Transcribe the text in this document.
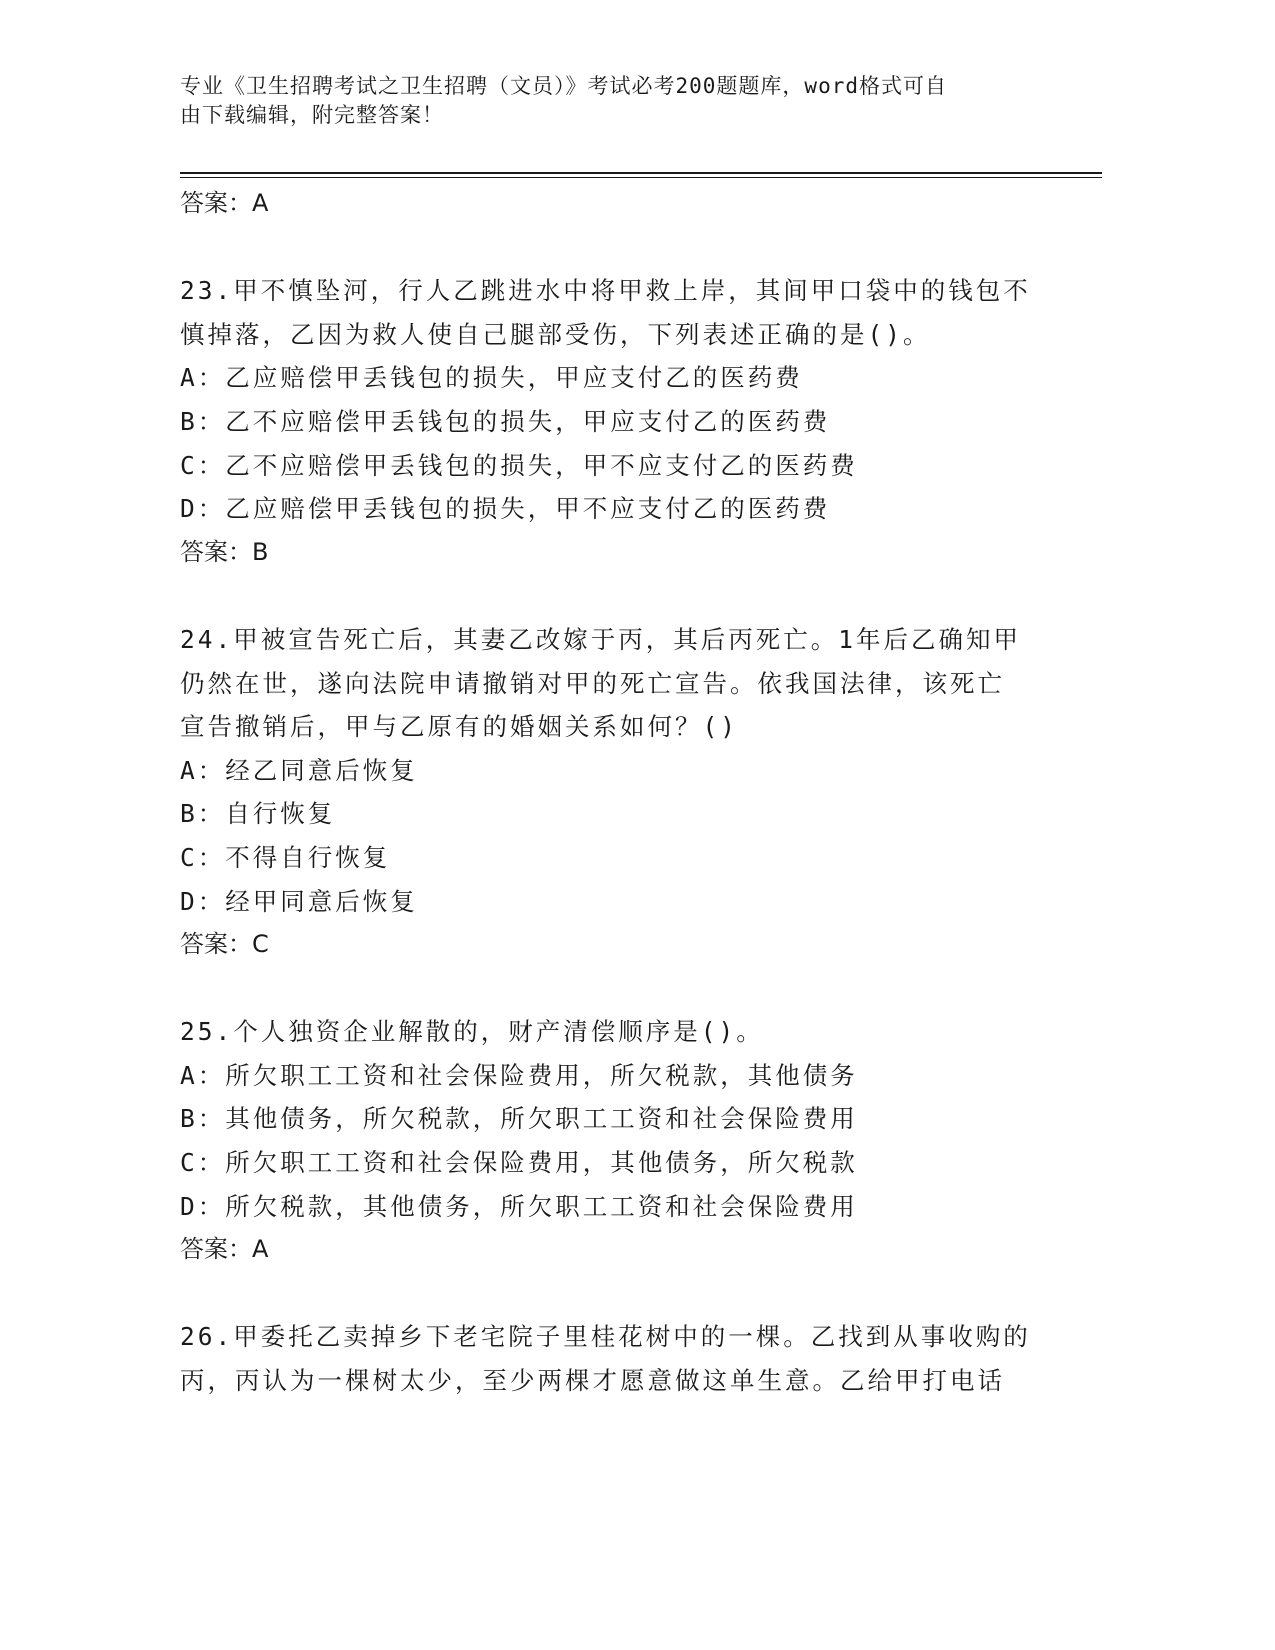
专业《卫生招聘考试之卫生招聘（文员）》考试必考200题题库，word格式可自
由下载编辑，附完整答案！
答案：A
23.甲不慎坠河，行人乙跳进水中将甲救上岸，其间甲口袋中的钱包不
慎掉落，乙因为救人使自己腿部受伤，下列表述正确的是()。
A：乙应赔偿甲丢钱包的损失，甲应支付乙的医药费
B：乙不应赔偿甲丢钱包的损失，甲应支付乙的医药费
C：乙不应赔偿甲丢钱包的损失，甲不应支付乙的医药费
D：乙应赔偿甲丢钱包的损失，甲不应支付乙的医药费
答案：B
24.甲被宣告死亡后，其妻乙改嫁于丙，其后丙死亡。1年后乙确知甲
仍然在世，遂向法院申请撤销对甲的死亡宣告。依我国法律，该死亡
宣告撤销后，甲与乙原有的婚姻关系如何？()
A：经乙同意后恢复
B：自行恢复
C：不得自行恢复
D：经甲同意后恢复
答案：C
25.个人独资企业解散的，财产清偿顺序是()。
A：所欠职工工资和社会保险费用，所欠税款，其他债务
B：其他债务，所欠税款，所欠职工工资和社会保险费用
C：所欠职工工资和社会保险费用，其他债务，所欠税款
D：所欠税款，其他债务，所欠职工工资和社会保险费用
答案：A
26.甲委托乙卖掉乡下老宅院子里桂花树中的一棵。乙找到从事收购的
丙，丙认为一棵树太少，至少两棵才愿意做这单生意。乙给甲打电话
